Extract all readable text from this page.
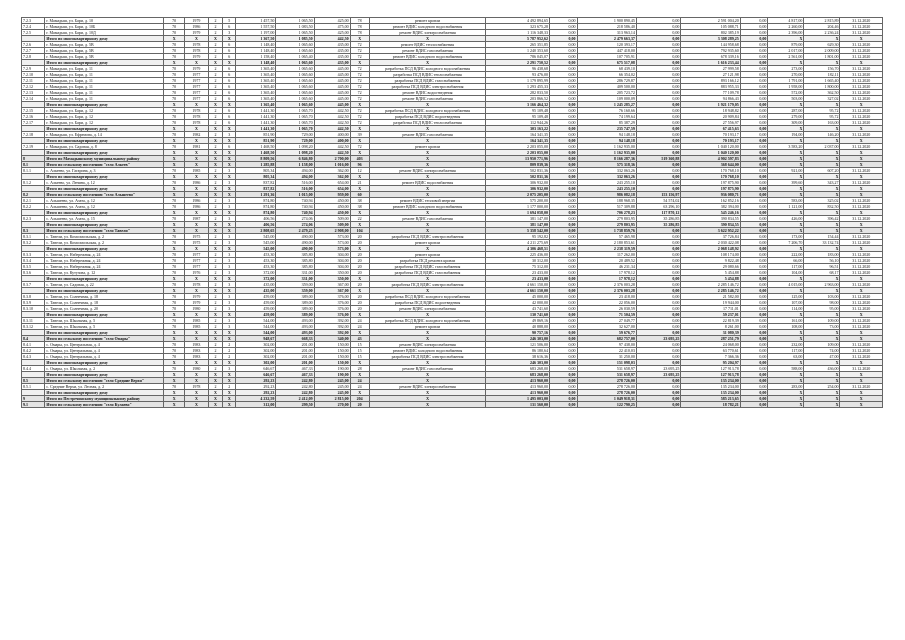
7.2.3	г. Мамадыш, ул. Бари, д. 10	70	1979	2	5	1 457,50	1 065,50	425,00	78	ремонт кровли	4 492 894,65	0,00	1 900 890,45	0,00	2 591 004,20	0,00	4 817,00	2 815,89	31.12.2020
7.2.4	г. Мамадыш, ул. Бари, д. 10Б	70	1986	2	6	1 557,50	1 083,50	475,00	78	ремонт ВДИС холодного водоснабжения	323 675,28	0,00	218 586,40	0,00	105 088,71	0,00	2 260,00	204,46	31.12.2020
7.2.5	г. Мамадыш, ул. Бари, д. 10Д	70	1979	2	3	1 197,00	1 065,50	425,00	78	ремонт ВДИС электроснабжения	1 116 348,33	0,00	313 963,14	0,00	802 385,19	0,00	2 396,00	2 236,24	31.12.2020
	Итого по многоквартирному дому	Х	Х	Х	Х	1 367,50	1 085,50	442,50	Х	Х	5 787 952,62	0,00	2 479 663,37	0,00	3 308 289,25	0,00	Х	Х	Х
7.2.6	г. Мамадыш, ул. Бари, д. 5В	70	1978	2	6	1 148,40	1 065,60	435,00	72	ремонт ВДИС теплоснабжения	265 351,85	0,00	120 393,17	0,00	144 958,68	0,00	879,00	629,30	31.12.2020
7.2.7	г. Мамадыш, ул. Бари, д. 5В	70	1978	2	6	1 148,40	1 065,60	435,00	72	ремонт ВДИС газоснабжения	1 240 353,60	0,00	447 418,00	0,00	792 935,60	0,00	2 017,00	2 009,00	31.12.2020
7.2.8	г. Мамадыш, ул. Бари, д. 5В	70	1979	2	6	1 158,40	1 065,40	435,00	72	ремонт ВДИС холодного водоснабжения	786 045,07	0,00	107 705,91	0,00	678 339,16	0,00	2 561,00	1 801,00	31.12.2020
	Итого по многоквартирному дому	Х	Х	Х	Х	1 148,40	1 065,60	435,00	Х	Х	2 291 750,52	0,00	675 517,08	0,00	1 616 233,44	0,00	Х	Х	Х
7.2.9	г. Мамадыш, ул. Бари, д. 11	70	1979	2	6	1 365,40	1 065,60	445,00	72	разработка ПСД ВДИС холодного водоснабжения	96 438,68	0,00	68 439,10	0,00	27 999,58	0,00	273,00	156,70	31.12.2020
7.2.10	г. Мамадыш, ул. Бари, д. 11	70	1977	2	6	1 365,40	1 065,60	445,00	72	разработка ПСД ВДИС теплоснабжения	93 476,00	0,00	66 354,02	0,00	27 121,98	0,00	270,00	182,11	31.12.2020
7.2.11	г. Мамадыш, ул. Бари, д. 11	70	1977	2	6	1 365,40	1 065,60	445,00	72	разработка ПСД ВДИС газоснабжения	1 179 895,99	0,00	286 729,87	0,00	893 166,12	0,00	1 791,00	1 665,40	31.12.2020
7.2.12	г. Мамадыш, ул. Бари, д. 11	70	1977	2	6	1 365,40	1 065,60	445,00	72	разработка ПСД ВДИС электроснабжения	1 293 455,33	0,00	409 500,00	0,00	883 955,33	0,00	1 958,00	1 800,00	31.12.2020
7.2.13	г. Мамадыш, ул. Бари, д. 11	70	1977	2	6	1 365,40	1 065,60	445,00	72	ремонт ВДИС водоотведения	282 833,50	0,00	205 723,72	0,00	77 109,78	0,00	572,00	362,50	31.12.2020
7.2.14	г. Мамадыш, ул. Бари, д. 11	70	1977	2	6	1 365,40	1 065,60	445,00	72	ремонт ВДИС газоснабжения	203 866,52	0,00	109 000,09	0,00	94 866,43	0,00	503,00	327,02	31.12.2020
	Итого по многоквартирному дому	Х	Х	Х	Х	1 365,40	1 065,60	445,00	Х	Х	3 166 464,32	0,00	1 245 285,27	0,00	1 921 179,05	0,00	Х	Х	Х
7.2.15	г. Мамадыш, ул. Бари, д. 12	70	1978	2	6	1 441,30	1 065,70	442,50	72	разработка ПСД ВДИС холодного водоснабжения	95 109,48	0,00	76 160,66	0,00	18 948,82	0,00	287,00	95,72	31.12.2020
7.2.16	г. Мамадыш, ул. Бари, д. 12	70	1978	2	6	1 441,30	1 065,70	442,50	72	разработка ПСД ВДИС водоотведения	95 109,48	0,00	74 199,64	0,00	20 909,84	0,00	279,00	95,72	31.12.2020
7.2.17	г. Мамадыш, ул. Бари, д. 12	70	1978	2	6	1 441,30	1 065,70	442,50	72	разработка ПСД ВДИС теплоснабжения	112 944,26	0,00	85 387,29	0,00	27 556,97	0,00	309,00	163,00	31.12.2020
	Итого по многоквартирному дому	Х	Х	Х	Х	1 441,30	1 065,70	442,50	Х	Х	303 163,22	0,00	235 747,59	0,00	67 415,63	0,00	Х	Х	Х
7.2.18	г. Мамадыш, ул. Ефремова, д. 14	70	1982	2	3	851,90	729,00	400,00	39	ремонт ВДИС газоснабжения	164 341,35	0,00	94 148,18	0,00	70 193,17	0,00	194,00	146,20	31.12.2020
	Итого по многоквартирному дому	Х	Х	Х	Х	851,90	729,00	400,00	Х	Х	164 341,35	0,00	94 148,18	0,00	70 193,17	0,00	Х	Х	Х
7.2.19	г. Мамадыш, ул. Садовая, д. 8	70	1981	2	6	1 468,50	1 098,20	442,50	72	ремонт кровли	2 203 055,00	0,00	1 162 935,00	0,00	1 040 120,00	0,00	3 583,20	2 037,00	31.12.2020
	Итого по многоквартирному дому	Х	Х	Х	Х	1 468,50	1 098,20	442,50	Х	Х	2 203 055,00	0,00	1 162 935,00	0,00	1 040 120,00	0,00	Х	Х	Х
8	Итого по Мамадышскому муниципальному району	Х	Х	Х	Х	8 809,56	6 846,80	2 700,00	403	Х	13 950 771,96	0,00	8 166 287,36	519 360,88	4 902 597,83	0,00	Х	Х	Х
8.1	Итого по сельскому поселению "село Алкеев"	Х	Х	Х	Х	1 285,88	1 158,00	1 016,00	96	Х	809 839,36	0,00	575 318,36	0,00	368 644,00	0,00	Х	Х	Х
8.1.1	с. Алкеево, ул. Гагарина, д. 3	70	1985	2	3	805,34	494,00	362,00	12	ремонт ВДИС электроснабжения	502 831,36	0,00	332 063,26	0,00	170 768,10	0,00	921,00	607,20	31.12.2020
	Итого по многоквартирному дому	Х	Х	Х	Х	805,34	494,00	362,00	Х	Х	502 831,36	0,00	332 063,26	0,00	170 768,10	0,00	Х	Х	Х
8.1.2	с. Алкеево, ул. Ленина, д. 12	70	1986	2	3	837,82	516,00	654,00	21	ремонт ВДИС водоснабжения	306 932,00	0,00	243 255,10	0,00	197 875,90	0,00	399,60	343,27	31.12.2020
	Итого по многоквартирному дому	Х	Х	Х	Х	837,82	516,00	654,00	Х	Х	306 932,00	0,00	243 255,10	0,00	197 875,90	0,00	Х	Х	Х
8.2	Итого по сельскому поселению "село Альшеево"	Х	Х	Х	Х	1 291,36	1 015,00	959,00	60	Х	2 075 205,00	0,00	986 082,18	153 156,97	936 080,71	0,00	Х	Х	Х
8.2.1	с. Альшеево, ул. Азата, д. 12	70	1986	2	3	874,80	740,94	450,00	38	ремонт ВДИС тепловой энергии	575 200,00	0,00	188 968,35	54 574,02	162 852,16	0,00	583,00	325,02	31.12.2020
8.2.2	с. Альшеево, ул. Азата, д. 12	70	1986	2	3	874,80	740,94	450,00	38	ремонт ВДИС холодного водоснабжения	1 177 000,00	0,00	517 309,88	63 296,10	382 394,00	0,00	1 121,00	832,50	31.12.2020
	Итого по многоквартирному дому	Х	Х	Х	Х	874,80	740,94	450,00	Х	Х	1 694 058,00	0,00	706 278,23	117 870,12	545 246,16	0,00	Х	Х	Х
8.2.3	с. Альшеево, ул. Азата, д. 15	70	1987	2	3	406,56	274,06	509,00	22	ремонт ВДИС газоснабжения	381 147,00	0,00	279 803,95	35 286,85	390 834,55	0,00	426,00	396,42	31.12.2020
	Итого по многоквартирному дому	Х	Х	Х	Х	406,56	274,06	509,00	Х	Х	381 147,00	0,00	279 803,95	35 286,85	390 834,55	0,00	Х	Х	Х
8.3	Итого по сельскому поселению "село Тавели"	Х	Х	Х	Х	2 808,65	2 479,25	2 908,00	104	Х	5 358 542,00	0,00	1 738 859,76	0,00	3 622 952,22	0,00	Х	Х	Х
8.3.1	с. Тавели, ул. Комсомольская, д. 2	70	1975	2	3	545,00	490,00	573,00	20	разработка ПСД ВДИС электроснабжения	95 192,82	0,00	57 465,98	0,00	37 726,84	0,00	173,00	154,44	31.12.2020
8.3.2	с. Тавели, ул. Комсомольская, д. 2	70	1975	2	3	545,00	490,00	573,00	20	ремонт кровли	4 211 275,69	0,00	2 180 853,61	0,00	2 030 422,08	0,00	7 206,70	33 132,74	31.12.2020
	Итого по многоквартирному дому	Х	Х	Х	Х	545,00	490,00	573,00	Х	Х	4 306 468,51	0,00	2 238 319,59	0,00	2 068 148,92	0,00	Х	Х	Х
8.3.3	с. Тавели, ул. Набережная, д. 24	70	1977	2	3	453,30	385,80	304,00	20	ремонт кровли	225 436,00	0,00	117 262,00	0,00	108 174,00	0,00	222,00	183,00	31.12.2020
8.3.4	с. Тавели, ул. Набережная, д. 24	70	1977	2	3	453,30	385,80	304,00	20	разработка ПСД ремонта кровли	30 312,00	0,00	20 489,52	0,00	9 822,48	0,00	66,00	56,10	31.12.2020
8.3.5	с. Тавели, ул. Набережная, д. 24	70	1977	2	3	453,30	385,80	304,00	20	разработка ПСД ВДИС газоснабжения	75 312,00	0,00	46 231,34	0,00	29 080,66	0,00	117,00	96,51	31.12.2020
8.3.6	с. Тавели, ул. Кутузова, д. 12	70	1976	2	3	372,00	331,00	350,00	20	разработка ПСД ВДИС газоснабжения	23 433,00	0,00	17 978,12	0,00	5 454,88	0,00	104,00	68,17	31.12.2020
	Итого по многоквартирному дому	Х	Х	Х	Х	372,00	331,00	350,00	Х	Х	23 433,00	0,00	17 978,12	0,00	5 454,88	0,00	Х	Х	Х
8.3.7	с. Тавели, ул. Садовая, д. 22	70	1978	2	3	435,00	359,00	367,00	20	разработка ПСД ВДИС электроснабжения	4 661 150,00	0,00	2 376 003,28	0,00	2 285 146,72	0,00	4 015,00	2 963,00	31.12.2020
	Итого по многоквартирному дому	Х	Х	Х	Х	435,00	359,00	367,00	Х	Х	4 661 150,00	0,00	2 376 003,28	0,00	2 285 146,72	0,00	Х	Х	Х
8.3.8	с. Тавели, ул. Солнечная, д. 18	70	1979	2	3	459,00	389,00	376,00	20	разработка ПСД ВДИС холодного водоснабжения	45 000,00	0,00	23 418,00	0,00	21 582,00	0,00	125,00	103,00	31.12.2020
8.3.9	с. Тавели, ул. Солнечная, д. 18	70	1979	2	3	459,00	389,00	376,00	20	разработка ПСД ВДИС водоотведения	42 000,00	0,00	22 056,00	0,00	19 944,00	0,00	107,00	98,00	31.12.2020
8.3.10	с. Тавели, ул. Солнечная, д. 20	70	1980	2	3	459,00	389,00	376,00	20	ремонт ВДИС электроснабжения	43 741,60	0,00	26 030,59	0,00	17 711,01	0,00	114,00	95,00	31.12.2020
	Итого по многоквартирному дому	Х	Х	Х	Х	459,00	389,00	376,00	Х	Х	130 741,60	0,00	71 504,59	0,00	59 237,01	0,00	Х	Х	Х
8.3.11	с. Тавели, ул. Школьная, д. 5	70	1985	2	3	544,00	493,00	392,00	24	разработка ПСД ВДИС холодного водоснабжения	49 869,16	0,00	27 049,77	0,00	22 819,39	0,00	161,00	109,00	31.12.2020
8.3.12	с. Тавели, ул. Школьная, д. 5	70	1985	2	3	544,00	493,00	392,00	24	ремонт кровли	40 888,00	0,00	32 627,00	0,00	8 261,00	0,00	108,00	73,00	31.12.2020
	Итого по многоквартирному дому	Х	Х	Х	Х	544,00	493,00	392,00	Х	Х	90 757,16	0,00	59 676,77	0,00	31 080,39	0,00	Х	Х	Х
8.4	Итого по сельскому поселению "село Омары"	Х	Х	Х	Х	948,67	668,33	340,00	43	Х	246 303,00	0,00	682 757,00	23 695,25	287 251,79	0,00	Х	Х	Х
8.4.1	с. Омары, ул. Центральная, д. 4	70	1983	2	2	302,00	201,00	150,00	15	ремонт ВДИС электроснабжения	121 506,00	0,00	97 438,00	0,00	24 068,00	0,00	232,00	109,00	31.12.2020
8.4.2	с. Омары, ул. Центральная, д. 4	70	1983	2	2	302,00	201,00	150,00	15	ремонт ВДИС холодного водоснабжения	86 180,64	0,00	22 410,03	0,00	63 770,61	0,00	117,00	74,00	31.12.2020
8.4.3	с. Омары, ул. Центральная, д. 4	70	1983	2	2	302,00	201,00	150,00	15	разработка ПСД ВДИС электроснабжения	38 616,36	0,00	31 250,00	0,00	7 366,36	0,00	63,00	47,00	31.12.2020
	Итого по многоквартирному дому	Х	Х	Х	Х	302,00	201,00	150,00	Х	Х	246 303,00	0,00	151 098,03	0,00	95 204,97	0,00	Х	Х	Х
8.4.4	с. Омары, ул. Школьная, д. 2	70	1980	2	3	646,67	467,33	190,00	28	ремонт ВДИС газоснабжения	683 268,00	0,00	531 658,97	23 695,25	127 913,78	0,00	588,00	436,00	31.12.2020
	Итого по многоквартирному дому	Х	Х	Х	Х	646,67	467,33	190,00	Х	Х	683 268,00	0,00	531 658,97	23 695,25	127 913,78	0,00	Х	Х	Х
8.5	Итого по сельскому поселению "село Средние Верхи"	Х	Х	Х	Х	292,23	242,80	245,00	24	Х	413 960,00	0,00	278 726,00	0,00	135 234,00	0,00	Х	Х	Х
8.5.1	с. Средние Верхи, ул. Лесная, д. 2	70	1978	2	2	292,23	242,80	245,00	24	ремонт ВДИС электроснабжения	413 960,00	0,00	278 726,00	0,00	135 234,00	0,00	283,00	254,00	31.12.2020
	Итого по многоквартирному дому	Х	Х	Х	Х	292,23	242,80	245,00	Х	Х	413 960,00	0,00	278 726,00	0,00	135 234,00	0,00	Х	Х	Х
9	Итого по Пестречинскому муниципальному району	Х	Х	Х	Х	4 232,59	2 412,09	2 815,00	204	Х	1 495 003,00	0,00	1 049 918,31	0,00	585 213,65	0,00	Х	Х	Х
9.1	Итого по сельскому поселению "село Кулаево"	Х	Х	Х	Х	312,00	299,50	270,00	20	Х	131 560,00	0,00	122 790,25	0,00	18 782,21	0,00	Х	Х	Х
